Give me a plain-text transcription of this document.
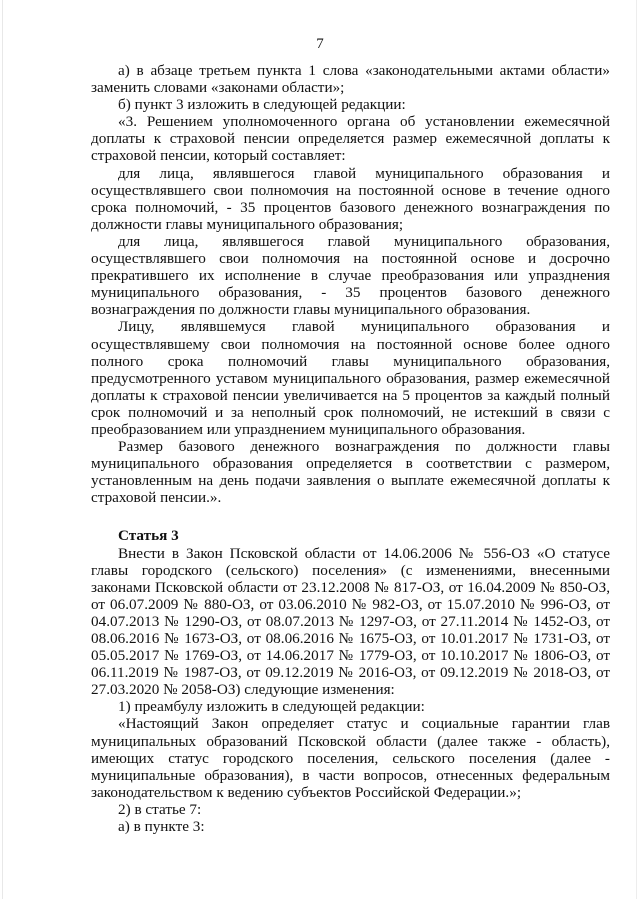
7

а) в абзаце третьем пункта 1 слова «законодательными актами области» заменить словами «законами области»;

б) пункт 3 изложить в следующей редакции:

«3. Решением уполномоченного органа об установлении ежемесячной доплаты к страховой пенсии определяется размер ежемесячной доплаты к страховой пенсии, который составляет:

для лица, являвшегося главой муниципального образования и осуществлявшего свои полномочия на постоянной основе в течение одного срока полномочий, - 35 процентов базового денежного вознаграждения по должности главы муниципального образования;

для лица, являвшегося главой муниципального образования, осуществлявшего свои полномочия на постоянной основе и досрочно прекратившего их исполнение в случае преобразования или упразднения муниципального образования, - 35 процентов базового денежного вознаграждения по должности главы муниципального образования.

Лицу, являвшемуся главой муниципального образования и осуществлявшему свои полномочия на постоянной основе более одного полного срока полномочий главы муниципального образования, предусмотренного уставом муниципального образования, размер ежемесячной доплаты к страховой пенсии увеличивается на 5 процентов за каждый полный срок полномочий и за неполный срок полномочий, не истекший в связи с преобразованием или упразднением муниципального образования.

Размер базового денежного вознаграждения по должности главы муниципального образования определяется в соответствии с размером, установленным на день подачи заявления о выплате ежемесячной доплаты к страховой пенсии.».

Статья 3

Внести в Закон Псковской области от 14.06.2006 № 556-ОЗ «О статусе главы городского (сельского) поселения» (с изменениями, внесенными законами Псковской области от 23.12.2008 № 817-ОЗ, от 16.04.2009 № 850-ОЗ, от 06.07.2009 № 880-ОЗ, от 03.06.2010 № 982-ОЗ, от 15.07.2010 № 996-ОЗ, от 04.07.2013 № 1290-ОЗ, от 08.07.2013 № 1297-ОЗ, от 27.11.2014 № 1452-ОЗ, от 08.06.2016 № 1673-ОЗ, от 08.06.2016 № 1675-ОЗ, от 10.01.2017 № 1731-ОЗ, от 05.05.2017 № 1769-ОЗ, от 14.06.2017 № 1779-ОЗ, от 10.10.2017 № 1806-ОЗ, от 06.11.2019 № 1987-ОЗ, от 09.12.2019 № 2016-ОЗ, от 09.12.2019 № 2018-ОЗ, от 27.03.2020 № 2058-ОЗ) следующие изменения:

1) преамбулу изложить в следующей редакции:

«Настоящий Закон определяет статус и социальные гарантии глав муниципальных образований Псковской области (далее также - область), имеющих статус городского поселения, сельского поселения (далее - муниципальные образования), в части вопросов, отнесенных федеральным законодательством к ведению субъектов Российской Федерации.»;

2) в статье 7:

а) в пункте 3:
